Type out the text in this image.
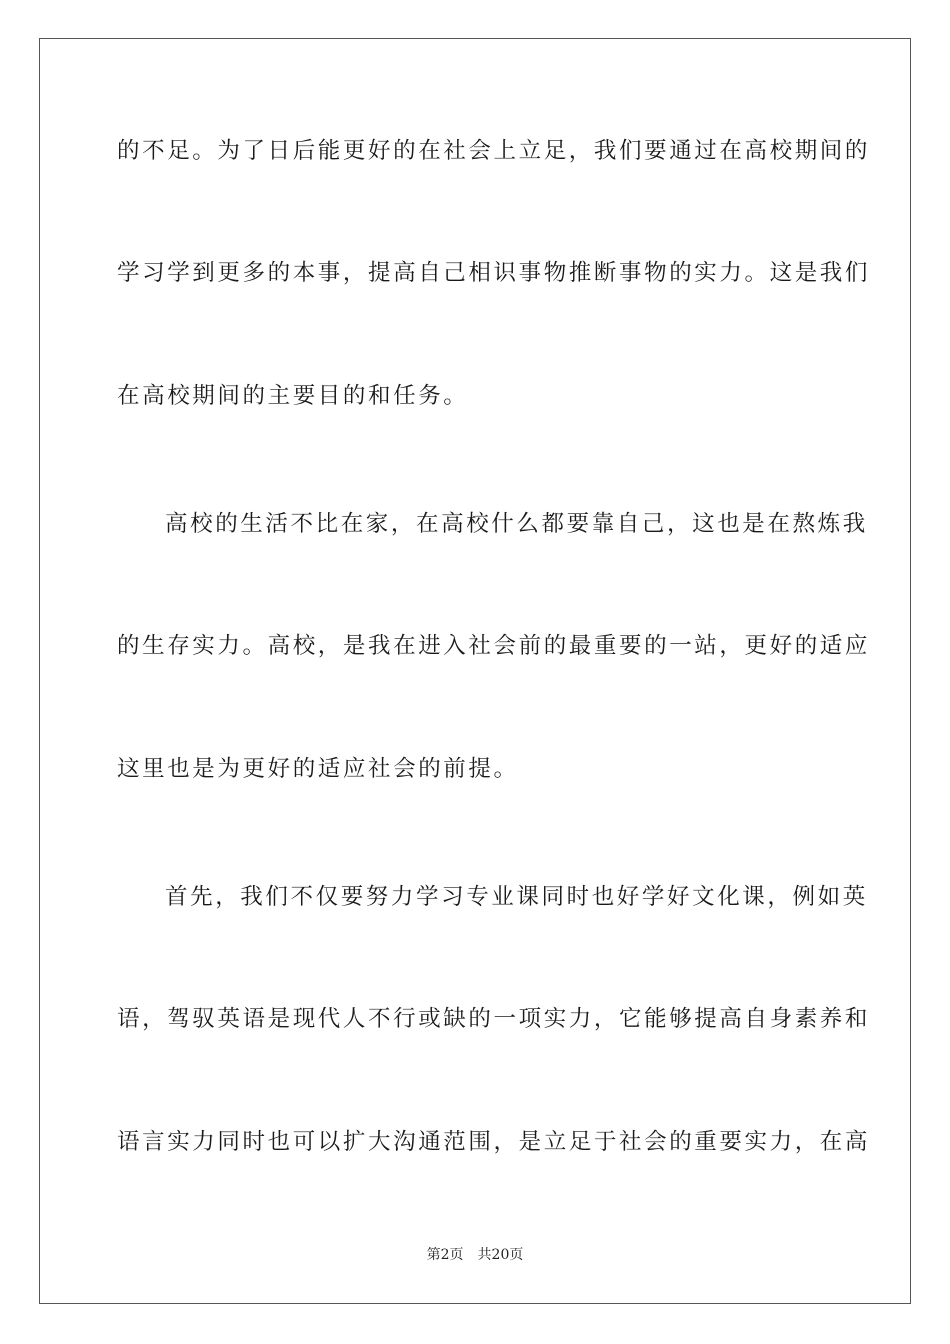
的不足。为了日后能更好的在社会上立足，我们要通过在高校期间的
学习学到更多的本事，提高自己相识事物推断事物的实力。这是我们
在高校期间的主要目的和任务。
高校的生活不比在家，在高校什么都要靠自己，这也是在熬炼我
的生存实力。高校，是我在进入社会前的最重要的一站，更好的适应
这里也是为更好的适应社会的前提。
首先，我们不仅要努力学习专业课同时也好学好文化课，例如英
语，驾驭英语是现代人不行或缺的一项实力，它能够提高自身素养和
语言实力同时也可以扩大沟通范围，是立足于社会的重要实力，在高
第2页 共20页
